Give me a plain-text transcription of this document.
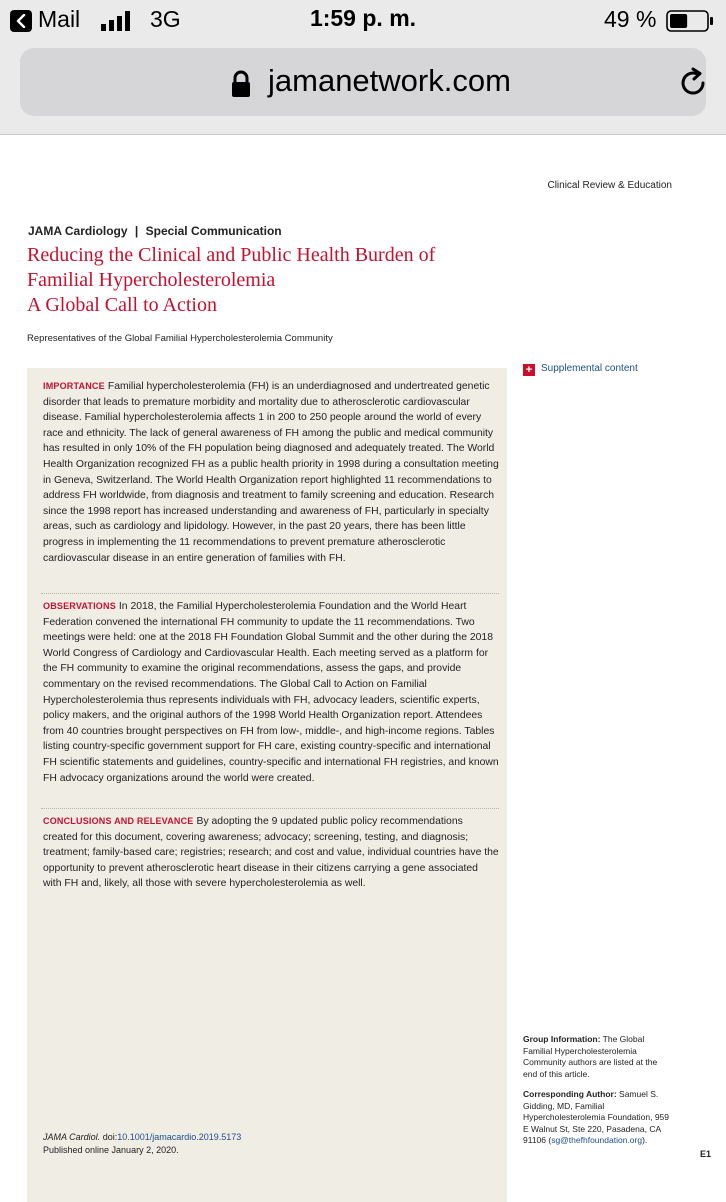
Mail	3G	1:59 p. m.	49 %
jamanetwork.com
Clinical Review & Education
JAMA Cardiology | Special Communication
Reducing the Clinical and Public Health Burden of Familial Hypercholesterolemia
A Global Call to Action
Representatives of the Global Familial Hypercholesterolemia Community
+ Supplemental content
IMPORTANCE Familial hypercholesterolemia (FH) is an underdiagnosed and undertreated genetic disorder that leads to premature morbidity and mortality due to atherosclerotic cardiovascular disease. Familial hypercholesterolemia affects 1 in 200 to 250 people around the world of every race and ethnicity. The lack of general awareness of FH among the public and medical community has resulted in only 10% of the FH population being diagnosed and adequately treated. The World Health Organization recognized FH as a public health priority in 1998 during a consultation meeting in Geneva, Switzerland. The World Health Organization report highlighted 11 recommendations to address FH worldwide, from diagnosis and treatment to family screening and education. Research since the 1998 report has increased understanding and awareness of FH, particularly in specialty areas, such as cardiology and lipidology. However, in the past 20 years, there has been little progress in implementing the 11 recommendations to prevent premature atherosclerotic cardiovascular disease in an entire generation of families with FH.
OBSERVATIONS In 2018, the Familial Hypercholesterolemia Foundation and the World Heart Federation convened the international FH community to update the 11 recommendations. Two meetings were held: one at the 2018 FH Foundation Global Summit and the other during the 2018 World Congress of Cardiology and Cardiovascular Health. Each meeting served as a platform for the FH community to examine the original recommendations, assess the gaps, and provide commentary on the revised recommendations. The Global Call to Action on Familial Hypercholesterolemia thus represents individuals with FH, advocacy leaders, scientific experts, policy makers, and the original authors of the 1998 World Health Organization report. Attendees from 40 countries brought perspectives on FH from low-, middle-, and high-income regions. Tables listing country-specific government support for FH care, existing country-specific and international FH scientific statements and guidelines, country-specific and international FH registries, and known FH advocacy organizations around the world were created.
CONCLUSIONS AND RELEVANCE By adopting the 9 updated public policy recommendations created for this document, covering awareness; advocacy; screening, testing, and diagnosis; treatment; family-based care; registries; research; and cost and value, individual countries have the opportunity to prevent atherosclerotic heart disease in their citizens carrying a gene associated with FH and, likely, all those with severe hypercholesterolemia as well.
JAMA Cardiol. doi:10.1001/jamacardio.2019.5173
Published online January 2, 2020.
Group Information: The Global Familial Hypercholesterolemia Community authors are listed at the end of this article.
Corresponding Author: Samuel S. Gidding, MD, Familial Hypercholesterolemia Foundation, 959 E Walnut St, Ste 220, Pasadena, CA 91106 (sg@thefhfoundation.org).
E1
